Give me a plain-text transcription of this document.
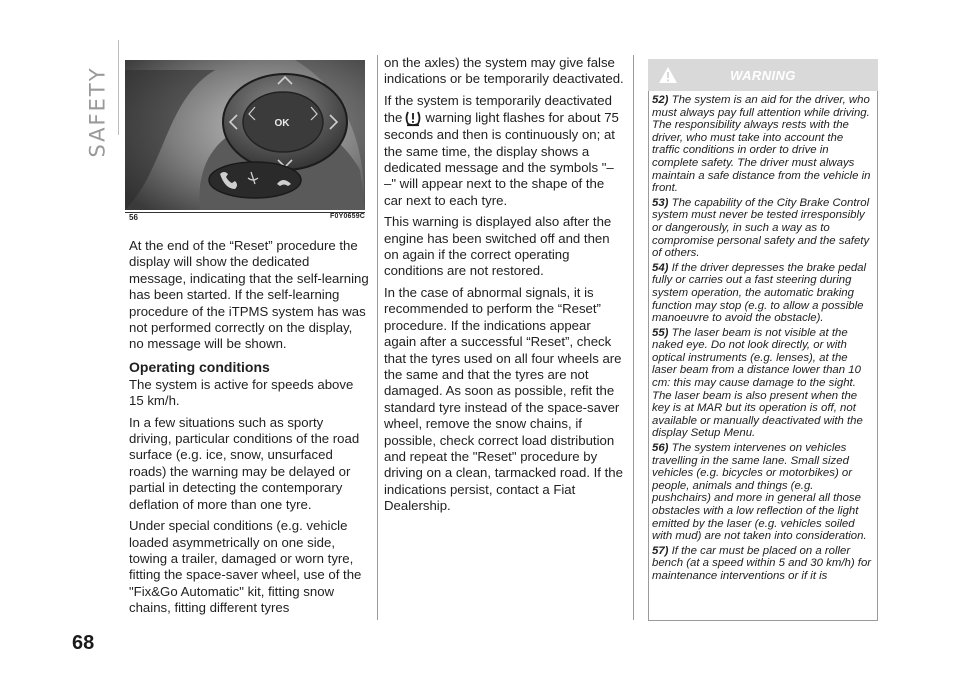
SAFETY	OK
56	F0Y0659C

At the end of the “Reset” procedure the display will show the dedicated message, indicating that the self-learning has been started. If the self-learning procedure of the iTPMS system has was not performed correctly on the display, no message will be shown.

Operating conditions

The system is active for speeds above 15 km/h.

In a few situations such as sporty driving, particular conditions of the road surface (e.g. ice, snow, unsurfaced roads) the warning may be delayed or partial in detecting the contemporary deflation of more than one tyre.

Under special conditions (e.g. vehicle loaded asymmetrically on one side, towing a trailer, damaged or worn tyre, fitting the space-saver wheel, use of the "Fix&Go Automatic" kit, fitting snow chains, fitting different tyres

on the axles) the system may give false indications or be temporarily deactivated.

If the system is temporarily deactivated the warning light flashes for about 75 seconds and then is continuously on; at the same time, the display shows a dedicated message and the symbols "– –" will appear next to the shape of the car next to each tyre.

This warning is displayed also after the engine has been switched off and then on again if the correct operating conditions are not restored.

In the case of abnormal signals, it is recommended to perform the “Reset” procedure. If the indications appear again after a successful “Reset”, check that the tyres used on all four wheels are the same and that the tyres are not damaged. As soon as possible, refit the standard tyre instead of the space-saver wheel, remove the snow chains, if possible, check correct load distribution and repeat the "Reset" procedure by driving on a clean, tarmacked road. If the indications persist, contact a Fiat Dealership.

WARNING
52) The system is an aid for the driver, who must always pay full attention while driving. The responsibility always rests with the driver, who must take into account the traffic conditions in order to drive in complete safety. The driver must always maintain a safe distance from the vehicle in front.
53) The capability of the City Brake Control system must never be tested irresponsibly or dangerously, in such a way as to compromise personal safety and the safety of others.
54) If the driver depresses the brake pedal fully or carries out a fast steering during system operation, the automatic braking function may stop (e.g. to allow a possible manoeuvre to avoid the obstacle).
55) The laser beam is not visible at the naked eye. Do not look directly, or with optical instruments (e.g. lenses), at the laser beam from a distance lower than 10 cm: this may cause damage to the sight. The laser beam is also present when the key is at MAR but its operation is off, not available or manually deactivated with the display Setup Menu.
56) The system intervenes on vehicles travelling in the same lane. Small sized vehicles (e.g. bicycles or motorbikes) or people, animals and things (e.g. pushchairs) and more in general all those obstacles with a low reflection of the light emitted by the laser (e.g. vehicles soiled with mud) are not taken into consideration.
57) If the car must be placed on a roller bench (at a speed within 5 and 30 km/h) for maintenance interventions or if it is
68
